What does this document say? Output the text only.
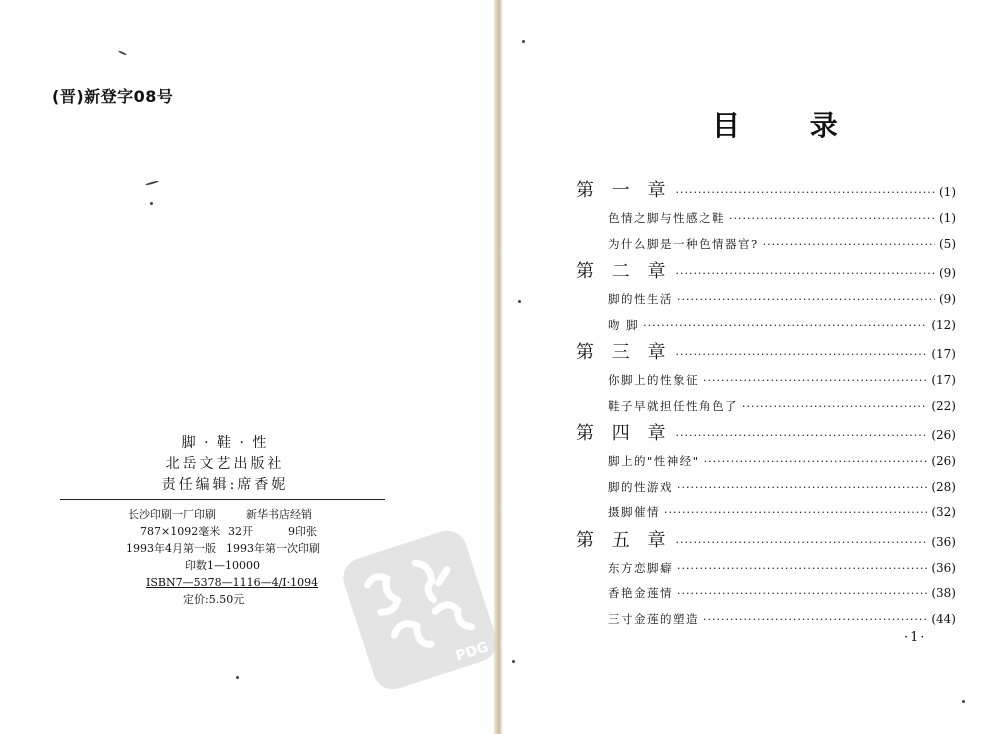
(晋)新登字08号
脚 · 鞋 · 性
北岳文艺出版社
责任编辑:席香妮
长沙印刷一厂印刷	新华书店经销
787×1092毫米 32开	9印张
1993年4月第一版 1993年第一次印刷
印数1—10000
ISBN7—5378—1116—4/I·1094
定价:5.50元
PDG
目 录
第 一 章 ·····	(1)
色情之脚与性感之鞋 ·····	(1)
为什么脚是一种色情器官? ·····	(5)
第 二 章 ·····	(9)
脚的性生活 ·····	(9)
吻 脚 ·····	(12)
第 三 章 ·····	(17)
你脚上的性象征 ·····	(17)
鞋子早就担任性角色了 ·····	(22)
第 四 章 ·····	(26)
脚上的"性神经" ·····	(26)
脚的性游戏 ·····	(28)
摄脚催情 ·····	(32)
第 五 章 ·····	(36)
东方恋脚癖 ·····	(36)
香艳金莲情 ·····	(38)
三寸金莲的塑造 ·····	(44)
·1·
